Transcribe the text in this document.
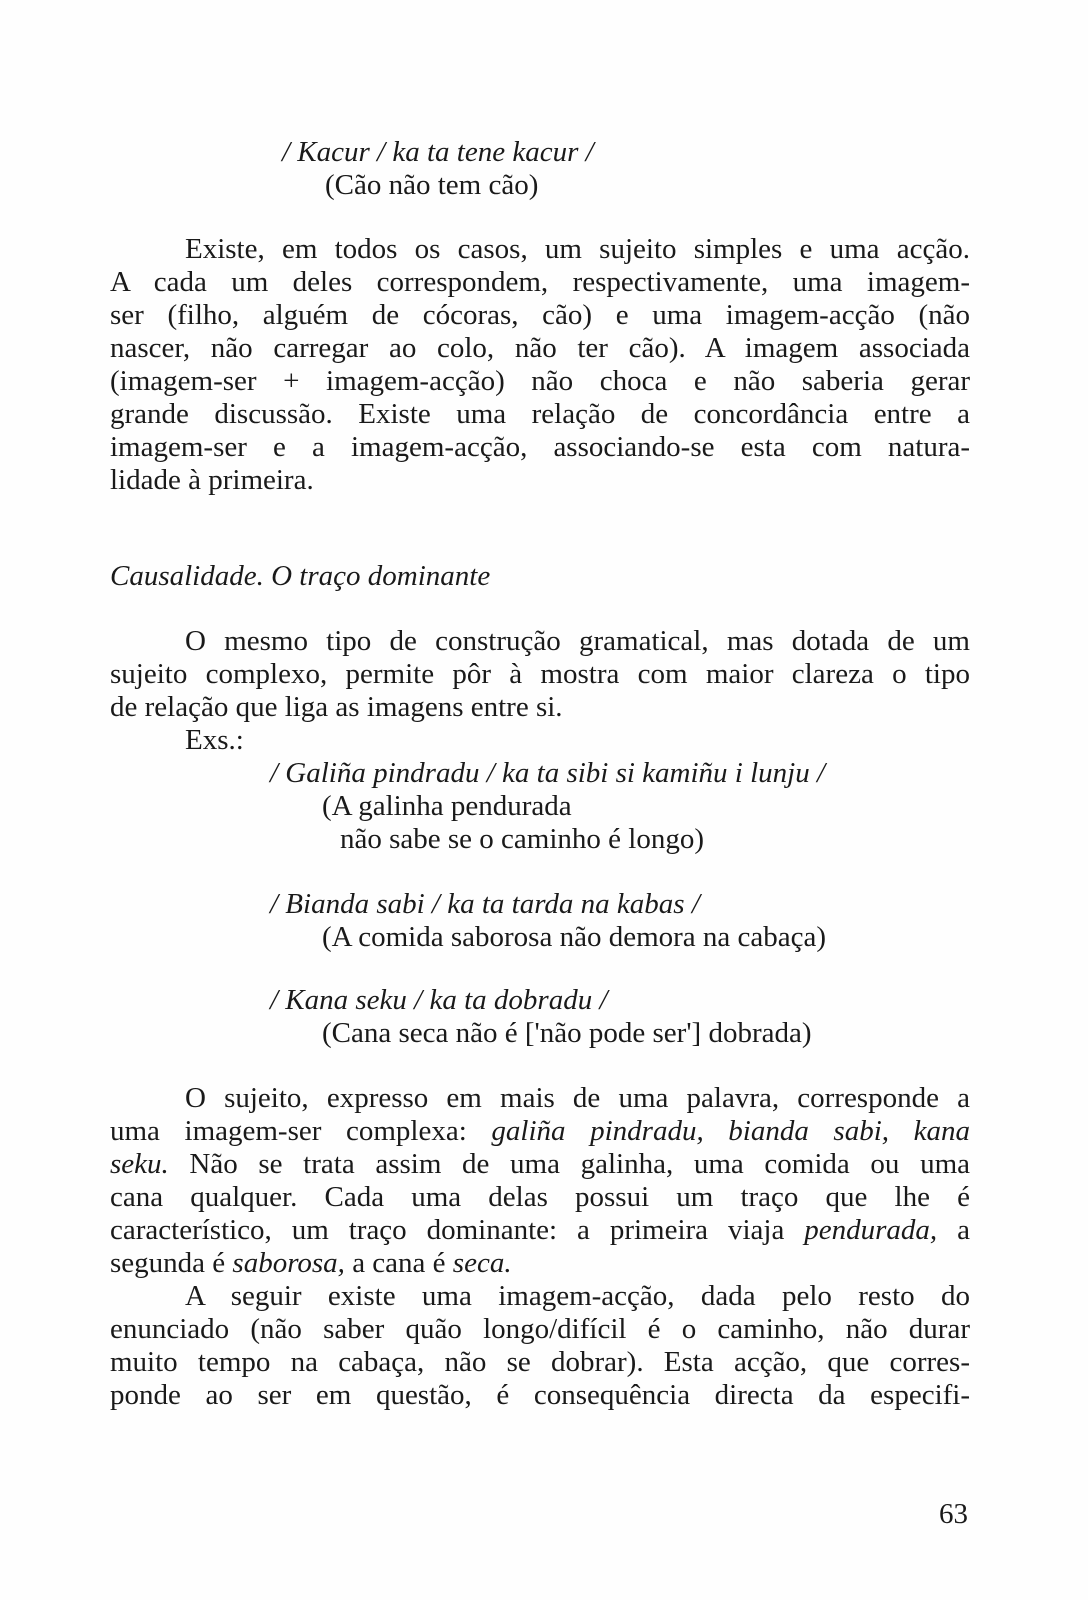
/ Kacur / ka ta tene kacur /
(Cão não tem cão)
Existe, em todos os casos, um sujeito simples e uma acção.
A cada um deles correspondem, respectivamente, uma imagem-
ser (filho, alguém de cócoras, cão) e uma imagem-acção (não
nascer, não carregar ao colo, não ter cão). A imagem associada
(imagem-ser + imagem-acção) não choca e não saberia gerar
grande discussão. Existe uma relação de concordância entre a
imagem-ser e a imagem-acção, associando-se esta com natura-
lidade à primeira.
Causalidade. O traço dominante
O mesmo tipo de construção gramatical, mas dotada de um
sujeito complexo, permite pôr à mostra com maior clareza o tipo
de relação que liga as imagens entre si.
Exs.:
/ Galiña pindradu / ka ta sibi si kamiñu i lunju /
(A galinha pendurada
não sabe se o caminho é longo)
/ Bianda sabi / ka ta tarda na kabas /
(A comida saborosa não demora na cabaça)
/ Kana seku / ka ta dobradu /
(Cana seca não é ['não pode ser'] dobrada)
O sujeito, expresso em mais de uma palavra, corresponde a
uma imagem-ser complexa: galiña pindradu, bianda sabi, kana
seku. Não se trata assim de uma galinha, uma comida ou uma
cana qualquer. Cada uma delas possui um traço que lhe é
característico, um traço dominante: a primeira viaja pendurada, a
segunda é saborosa, a cana é seca.
A seguir existe uma imagem-acção, dada pelo resto do
enunciado (não saber quão longo/difícil é o caminho, não durar
muito tempo na cabaça, não se dobrar). Esta acção, que corres-
ponde ao ser em questão, é consequência directa da especifi-
63
